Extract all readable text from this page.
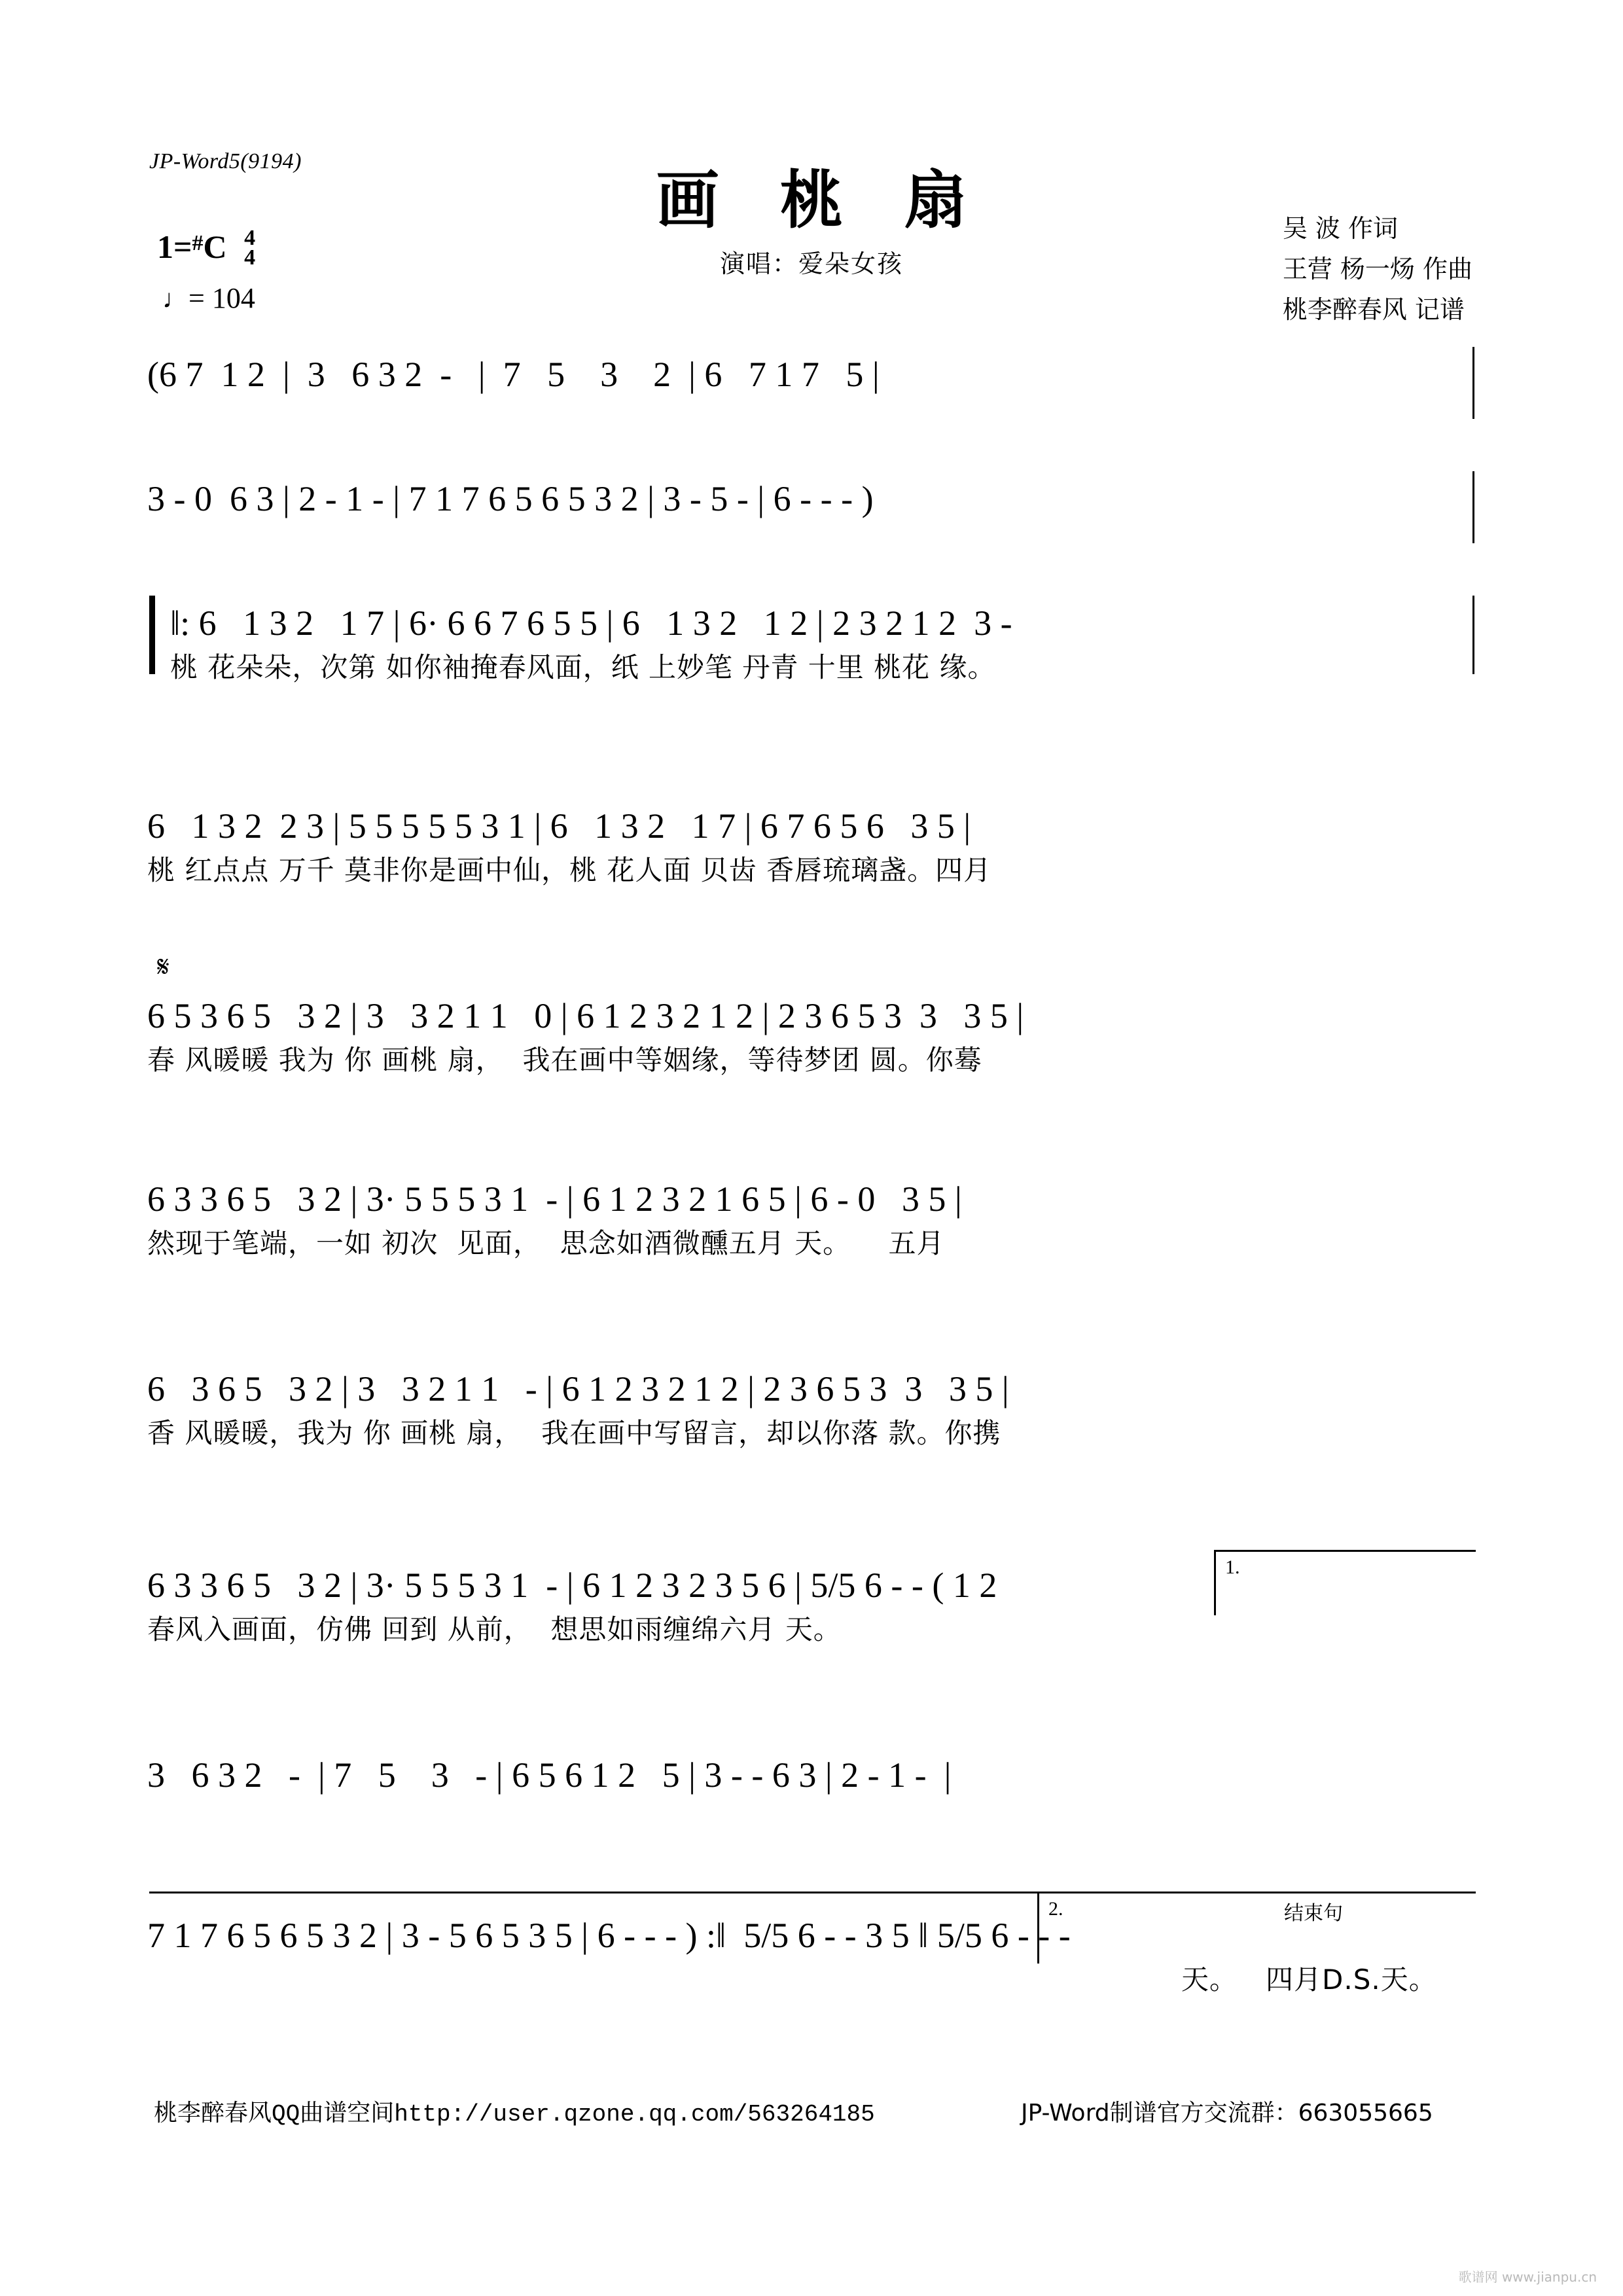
JP-Word5(9194)
画 桃 扇
演唱：爱朵女孩
吴 波 作词
王营 杨一炀 作曲
桃李醉春风 记谱
1=#C 4
4
♩= 104
(6 7  1 2  |  3   6 3 2  -   |  7   5    3    2  | 6   7 1 7   5 |
3 - 0  6 3 | 2 - 1 - | 7 1 7 6 5 6 5 3 2 | 3 - 5 - | 6 - - - )
‖: 6   1 3 2   1 7 | 6· 6 6 7 6 5 5 | 6   1 3 2   1 2 | 2 3 2 1 2  3 -
桃 花朵朵，次第 如你袖掩春风面，纸 上妙笔 丹青 十里 桃花 缘。
6   1 3 2  2 3 | 5 5 5 5 5 3 1 | 6   1 3 2   1 7 | 6 7 6 5 6   3 5 |
桃 红点点 万千 莫非你是画中仙，桃 花人面 贝齿 香唇琉璃盏。四月
𝄋
6 5 3 6 5   3 2 | 3   3 2 1 1   0 | 6 1 2 3 2 1 2 | 2 3 6 5 3  3   3 5 |
春 风暖暖 我为 你 画桃 扇，  我在画中等姻缘，等待梦团 圆。你蓦
6 3 3 6 5   3 2 | 3· 5 5 5 3 1  - | 6 1 2 3 2 1 6 5 | 6 - 0   3 5 |
然现于笔端，一如 初次  见面，  思念如酒微醺五月 天。    五月
6   3 6 5   3 2 | 3   3 2 1 1   - | 6 1 2 3 2 1 2 | 2 3 6 5 3  3   3 5 |
香 风暖暖，我为 你 画桃 扇，  我在画中写留言，却以你落 款。你携
1.
6 3 3 6 5   3 2 | 3· 5 5 5 3 1  - | 6 1 2 3 2 3 5 6 | 5/5 6 - - ( 1 2
春风入画面，仿佛 回到 从前，  想思如雨缠绵六月 天。
3   6 3 2   -  | 7   5    3   - | 6 5 6 1 2   5 | 3 - - 6 3 | 2 - 1 -  |
2.	结束句
7 1 7 6 5 6 5 3 2 | 3 - 5 6 5 3 5 | 6 - - - ) :‖  5/5 6 - - 3 5 ‖ 5/5 6 - - -
天。   四月D.S.天。
桃李醉春风QQ曲谱空间http://user.qzone.qq.com/563264185	JP-Word制谱官方交流群：663055665
歌谱网 www.jianpu.cn
